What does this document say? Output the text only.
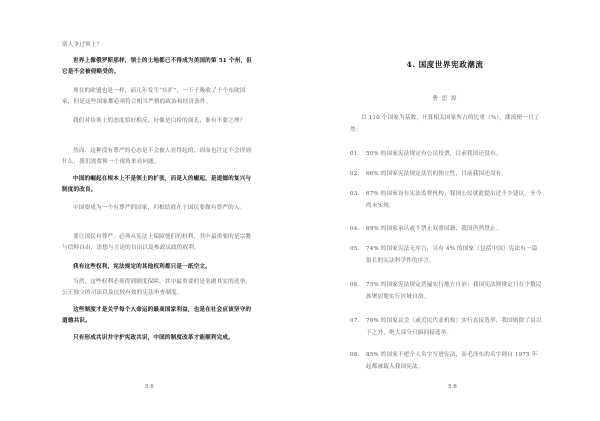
别人争过领土？

世界上像俄罗斯那样，领土的土地都已不得成为美国的第 51 个州，但它是不会被侵略受的。

现在的欧盟也是一样，前几年发生“东扩”，一下子吸收了十个东欧国家，但是这些国家都必须符合相当严格的政治和经济条件。

我们对待领土的态度恰好相反，好像是白捡的面孔，谁有不要之理？

然而，这种没有尊严的心态是不会被人看得起的，因而也注定不会得到什么，我们需要换一个视角来看问题。

中国的崛起在根本上不是领土的扩张，而是人的崛起，是道德的复兴与制度的改良。

中国要成为一个有尊严的国家，归根结底在于国民要做有尊严的人。

要让国民有尊严，必须从宪法上保障他们的权利，其中最重要的是宗教与信仰自由，思想与言论的自由以及参政议政的权利。

我有这些权利，宪法规定的其他权利都只是一纸空文。

当然，这些权利必须得到制度保障，其中最重要的是名副其实的选举、公正独立的司法以及比较有效的宪法审查制度。

这些制度才是关乎每个人命运的最高国家利益，也是在社会应该坚守的道德共识。

只有形成共识并守护宪政共识，中国的制度改革才能顺利完成。

5 6
4. 国度世界宪政潮流
曹 思 源
以 110 个国家为基数，计算相关国家所占的比重（%），潮流便一目了然：
01. 50% 的国家宪法规定有公民投票，目前我国还没有。
02. 66% 的国家宪法规定法官的独立性，目前我国还没有。
03. 67% 的国家设有宪法监督机构；我国公民就此提出过不少建议，至今尚未实现。
04. 69% 的国家承认或不禁止双重国籍，我国仍然禁止。
05. 74% 的国家宪法无序言，另有 4% 的国家（包括中国）宪法有一篇很长的宪法科学性的序言。
06. 75% 的国家宪法规定普遍实行地方自治；我国宪法则规定只在少数民族聚居地实行区域自治。
07. 76% 的国家议会（或近民代表机构）实行直接选举，我国则除了县以下之外，绝大部分只搞间接选举。
08. 85% 的国家不把个人名字写进宪法，而毛泽东的名字则自 1975 年起都被载入我国宪法。
5 6
